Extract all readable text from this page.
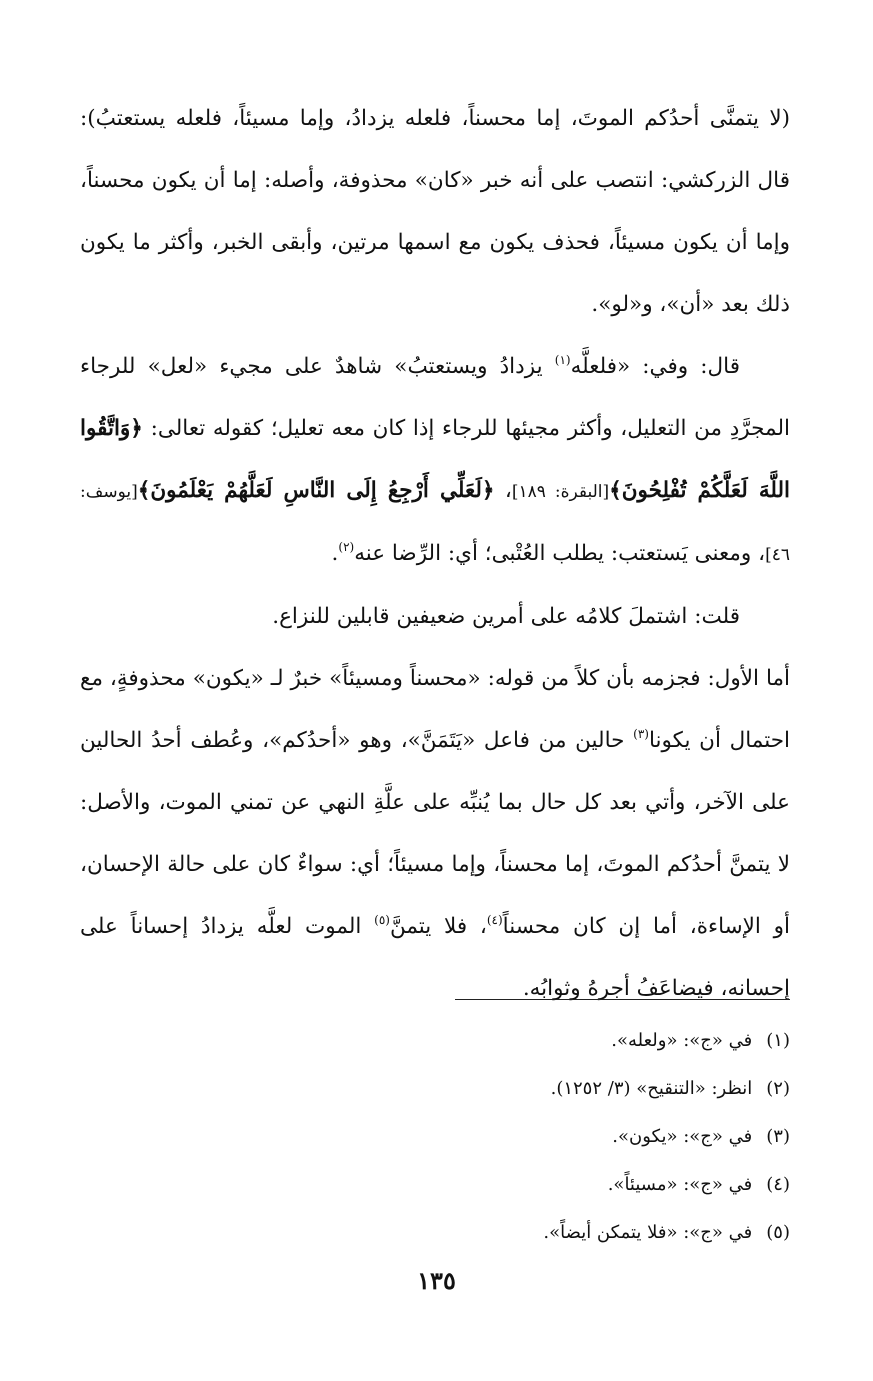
(لا يتمنَّى أحدُكم الموتَ، إما محسناً، فلعله يزدادُ، وإما مسيئاً، فلعله يستعتبُ): قال الزركشي: انتصب على أنه خبر «كان» محذوفة، وأصله: إما أن يكون محسناً، وإما أن يكون مسيئاً، فحذف يكون مع اسمها مرتين، وأبقى الخبر، وأكثر ما يكون ذلك بعد «أن»، و«لو».

قال: وفي: «فلعلَّه$^{(١)}$ يزدادُ ويستعتبُ» شاهدٌ على مجيء «لعل» للرجاء المجرَّدِ من التعليل، وأكثر مجيئها للرجاء إذا كان معه تعليل؛ كقوله تعالى: ﴿وَاتَّقُوا اللَّهَ لَعَلَّكُمْ تُفْلِحُونَ﴾[البقرة: ١٨٩]، ﴿لَعَلِّي أَرْجِعُ إِلَى النَّاسِ لَعَلَّهُمْ يَعْلَمُونَ﴾[يوسف: ٤٦]، ومعنى يَستعتب: يطلب العُتْبى؛ أي: الرِّضا عنه$^{(٢)}$.

قلت: اشتملَ كلامُه على أمرين ضعيفين قابلين للنزاع.

أما الأول: فجزمه بأن كلاً من قوله: «محسناً ومسيئاً» خبرٌ لـ «يكون» محذوفةٍ، مع احتمال أن يكونا$^{(٣)}$ حالين من فاعل «يَتَمَنَّ»، وهو «أحدُكم»، وعُطف أحدُ الحالين على الآخر، وأتي بعد كل حال بما يُنبِّه على علَّةِ النهي عن تمني الموت، والأصل: لا يتمنَّ أحدُكم الموتَ، إما محسناً، وإما مسيئاً؛ أي: سواءٌ كان على حالة الإحسان، أو الإساءة، أما إن كان محسناً$^{(٤)}$، فلا يتمنَّ$^{(٥)}$ الموت لعلَّه يزدادُ إحساناً على إحسانه، فيضاعَفُ أجرهُ وثوابُه.

(١)
في «ج»: «ولعله».
(٢)
انظر: «التنقيح» (٣/ ١٢٥٢).
(٣)
في «ج»: «يكون».
(٤)
في «ج»: «مسيئاً».
(٥)
في «ج»: «فلا يتمكن أيضاً».
١٣٥
